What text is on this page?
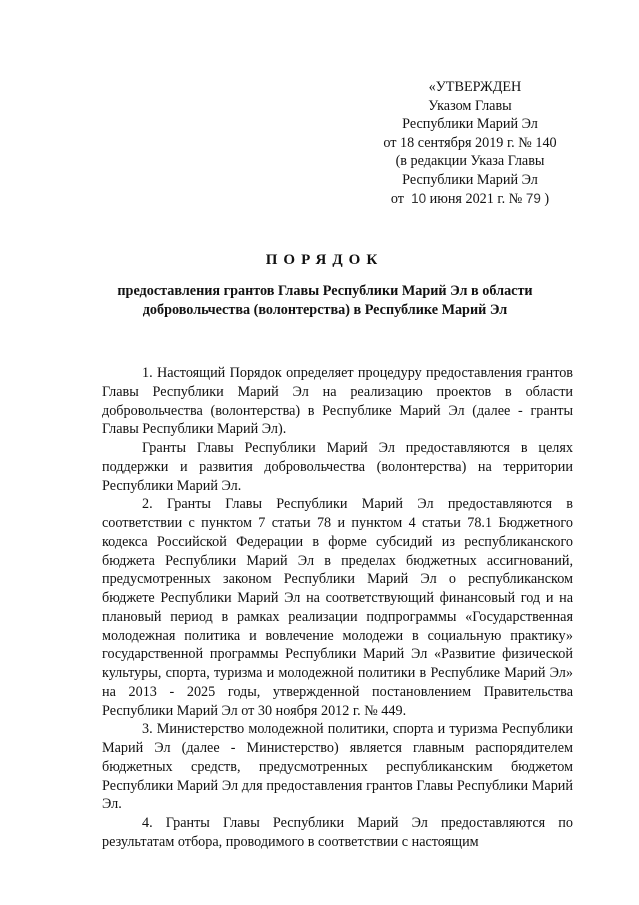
«УТВЕРЖДЕН
Указом Главы
Республики Марий Эл
от 18 сентября 2019 г. № 140
(в редакции Указа Главы
Республики Марий Эл
от 10 июня 2021 г. № 79 )
ПОРЯДОК
предоставления грантов Главы Республики Марий Эл в области добровольчества (волонтерства) в Республике Марий Эл

1. Настоящий Порядок определяет процедуру предоставления грантов Главы Республики Марий Эл на реализацию проектов в области добровольчества (волонтерства) в Республике Марий Эл (далее - гранты Главы Республики Марий Эл).

Гранты Главы Республики Марий Эл предоставляются в целях поддержки и развития добровольчества (волонтерства) на территории Республики Марий Эл.

2. Гранты Главы Республики Марий Эл предоставляются в соответствии с пунктом 7 статьи 78 и пунктом 4 статьи 78.1 Бюджетного кодекса Российской Федерации в форме субсидий из республиканского бюджета Республики Марий Эл в пределах бюджетных ассигнований, предусмотренных законом Республики Марий Эл о республиканском бюджете Республики Марий Эл на соответствующий финансовый год и на плановый период в рамках реализации подпрограммы «Государственная молодежная политика и вовлечение молодежи в социальную практику» государственной программы Республики Марий Эл «Развитие физической культуры, спорта, туризма и молодежной политики в Республике Марий Эл» на 2013 - 2025 годы, утвержденной постановлением Правительства Республики Марий Эл от 30 ноября 2012 г. № 449.

3. Министерство молодежной политики, спорта и туризма Республики Марий Эл (далее - Министерство) является главным распорядителем бюджетных средств, предусмотренных республиканским бюджетом Республики Марий Эл для предоставления грантов Главы Республики Марий Эл.

4. Гранты Главы Республики Марий Эл предоставляются по результатам отбора, проводимого в соответствии с настоящим
